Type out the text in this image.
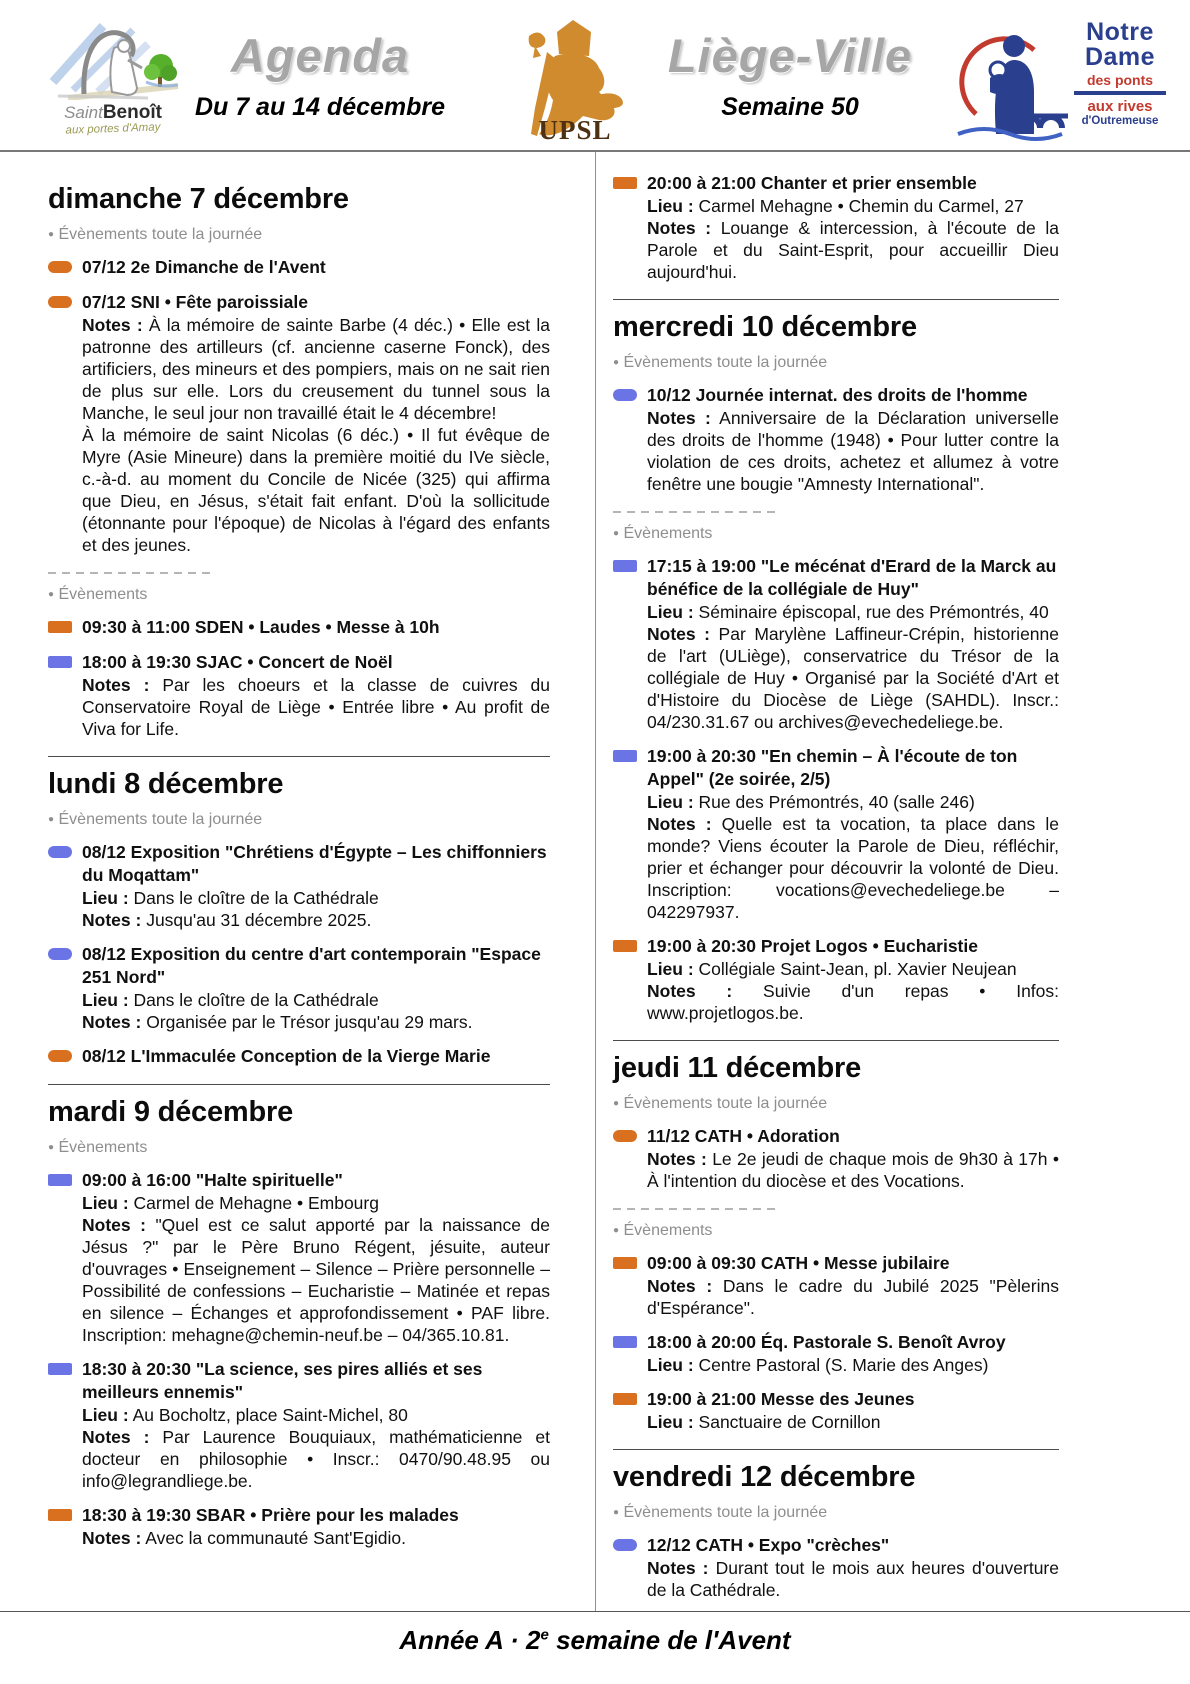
SaintBenoît
aux portes d'Amay
Agenda
Du 7 au 14 décembre
UPSL
Liège-Ville
Semaine 50
Notre
Dame
des ponts
aux rives
d'Outremeuse
dimanche 7 décembre
● Évènements toute la journée
07/12 2e Dimanche de l'Avent
07/12 SNI • Fête paroissiale
Notes : À la mémoire de sainte Barbe (4 déc.) • Elle est la patronne des artilleurs (cf. ancienne caserne Fonck), des artificiers, des mineurs et des pompiers, mais on ne sait rien de plus sur elle. Lors du creusement du tunnel sous la Manche, le seul jour non travaillé était le 4 décembre!
À la mémoire de saint Nicolas (6 déc.) • Il fut évêque de Myre (Asie Mineure) dans la première moitié du IVe siècle, c.-à-d. au moment du Concile de Nicée (325) qui affirma que Dieu, en Jésus, s'était fait enfant. D'où la sollicitude (étonnante pour l'époque) de Nicolas à l'égard des enfants et des jeunes.
● Évènements
09:30 à 11:00 SDEN • Laudes • Messe à 10h
18:00 à 19:30 SJAC • Concert de Noël
Notes : Par les choeurs et la classe de cuivres du Conservatoire Royal de Liège • Entrée libre • Au profit de Viva for Life.
lundi 8 décembre
● Évènements toute la journée
08/12 Exposition "Chrétiens d'Égypte – Les chiffonniers du Moqattam"
Lieu : Dans le cloître de la Cathédrale
Notes : Jusqu'au 31 décembre 2025.
08/12 Exposition du centre d'art contemporain "Espace 251 Nord"
Lieu : Dans le cloître de la Cathédrale
Notes : Organisée par le Trésor jusqu'au 29 mars.
08/12 L'Immaculée Conception de la Vierge Marie
mardi 9 décembre
● Évènements
09:00 à 16:00 "Halte spirituelle"
Lieu : Carmel de Mehagne • Embourg
Notes : "Quel est ce salut apporté par la naissance de Jésus ?" par le Père Bruno Régent, jésuite, auteur d'ouvrages • Enseignement – Silence – Prière personnelle – Possibilité de confessions – Eucharistie – Matinée et repas en silence – Échanges et approfondissement • PAF libre. Inscription: mehagne@chemin-neuf.be – 04/365.10.81.
18:30 à 20:30 "La science, ses pires alliés et ses meilleurs ennemis"
Lieu : Au Bocholtz, place Saint-Michel, 80
Notes : Par Laurence Bouquiaux, mathématicienne et docteur en philosophie • Inscr.: 0470/90.48.95 ou info@legrandliege.be.
18:30 à 19:30 SBAR • Prière pour les malades
Notes : Avec la communauté Sant'Egidio.
20:00 à 21:00 Chanter et prier ensemble
Lieu : Carmel Mehagne • Chemin du Carmel, 27
Notes : Louange & intercession, à l'écoute de la Parole et du Saint-Esprit, pour accueillir Dieu aujourd'hui.
mercredi 10 décembre
● Évènements toute la journée
10/12 Journée internat. des droits de l'homme
Notes : Anniversaire de la Déclaration universelle des droits de l'homme (1948) • Pour lutter contre la violation de ces droits, achetez et allumez à votre fenêtre une bougie "Amnesty International".
● Évènements
17:15 à 19:00 "Le mécénat d'Erard de la Marck au bénéfice de la collégiale de Huy"
Lieu : Séminaire épiscopal, rue des Prémontrés, 40
Notes : Par Marylène Laffineur-Crépin, historienne de l'art (ULiège), conservatrice du Trésor de la collégiale de Huy • Organisé par la Société d'Art et d'Histoire du Diocèse de Liège (SAHDL). Inscr.: 04/230.31.67 ou archives@evechedeliege.be.
19:00 à 20:30 "En chemin – À l'écoute de ton Appel" (2e soirée, 2/5)
Lieu : Rue des Prémontrés, 40 (salle 246)
Notes : Quelle est ta vocation, ta place dans le monde? Viens écouter la Parole de Dieu, réfléchir, prier et échanger pour découvrir la volonté de Dieu. Inscription: vocations@evechedeliege.be – 042297937.
19:00 à 20:30 Projet Logos • Eucharistie
Lieu : Collégiale Saint-Jean, pl. Xavier Neujean
Notes : Suivie d'un repas • Infos: www.projetlogos.be.
jeudi 11 décembre
● Évènements toute la journée
11/12 CATH • Adoration
Notes : Le 2e jeudi de chaque mois de 9h30 à 17h • À l'intention du diocèse et des Vocations.
● Évènements
09:00 à 09:30 CATH • Messe jubilaire
Notes : Dans le cadre du Jubilé 2025 "Pèlerins d'Espérance".
18:00 à 20:00 Éq. Pastorale S. Benoît Avroy
Lieu : Centre Pastoral (S. Marie des Anges)
19:00 à 21:00 Messe des Jeunes
Lieu : Sanctuaire de Cornillon
vendredi 12 décembre
● Évènements toute la journée
12/12 CATH • Expo "crèches"
Notes : Durant tout le mois aux heures d'ouverture de la Cathédrale.
Année $A \cdot 2^e$ semaine de l'Avent
